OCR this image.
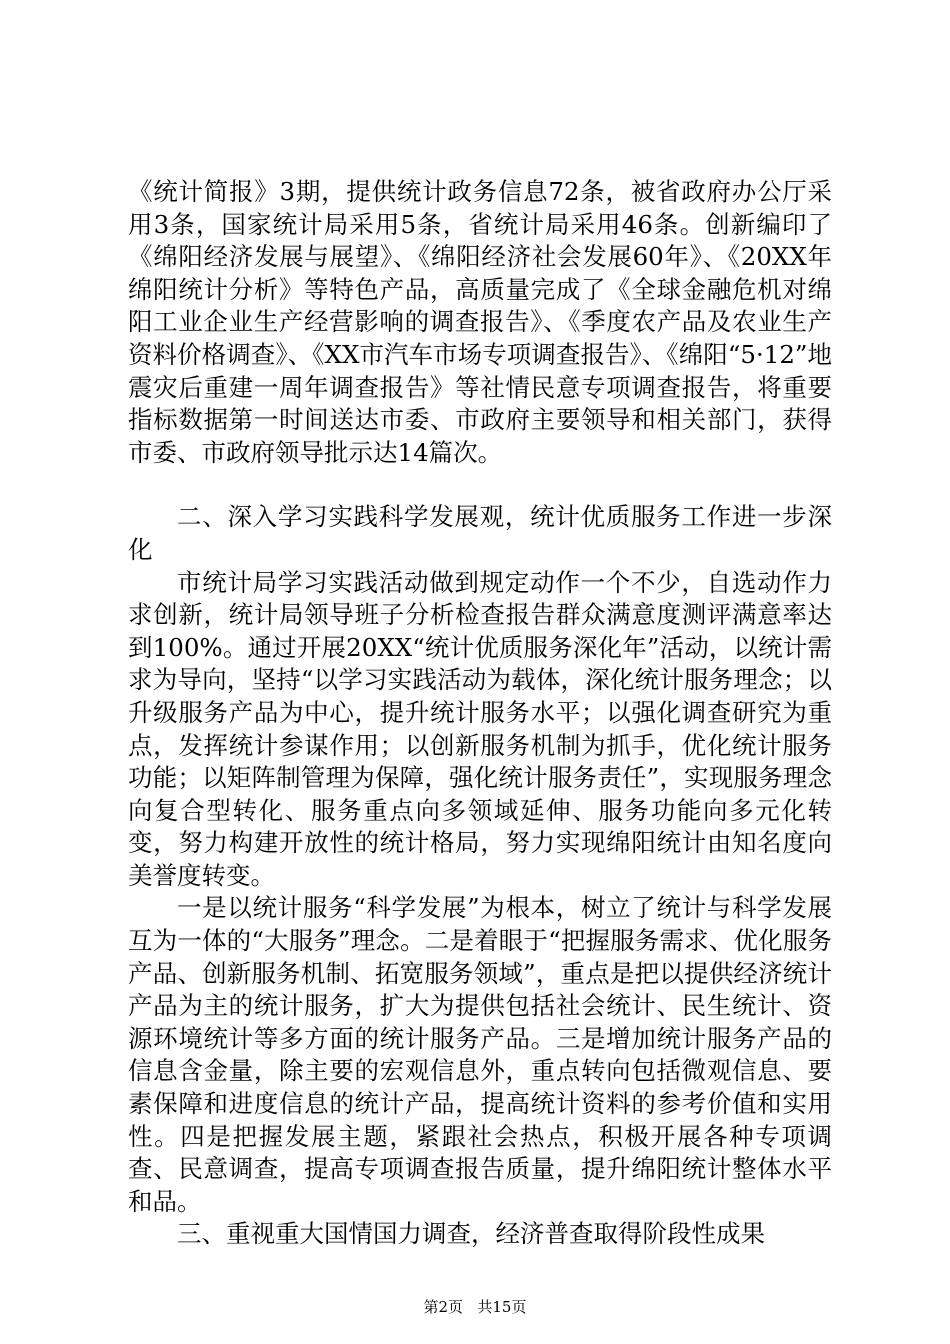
《统计简报》3期，提供统计政务信息72条，被省政府办公厅采用3条，国家统计局采用5条，省统计局采用46条。创新编印了《绵阳经济发展与展望》、《绵阳经济社会发展60年》、《20XX年绵阳统计分析》等特色产品，高质量完成了《全球金融危机对绵阳工业企业生产经营影响的调查报告》、《季度农产品及农业生产资料价格调查》、《XX市汽车市场专项调查报告》、《绵阳“5·12”地震灾后重建一周年调查报告》等社情民意专项调查报告，将重要指标数据第一时间送达市委、市政府主要领导和相关部门，获得市委、市政府领导批示达14篇次。

二、深入学习实践科学发展观，统计优质服务工作进一步深化

市统计局学习实践活动做到规定动作一个不少，自选动作力求创新，统计局领导班子分析检查报告群众满意度测评满意率达到100%。通过开展20XX“统计优质服务深化年”活动，以统计需求为导向，坚持“以学习实践活动为载体，深化统计服务理念；以升级服务产品为中心，提升统计服务水平；以强化调查研究为重点，发挥统计参谋作用；以创新服务机制为抓手，优化统计服务功能；以矩阵制管理为保障，强化统计服务责任”，实现服务理念向复合型转化、服务重点向多领域延伸、服务功能向多元化转变，努力构建开放性的统计格局，努力实现绵阳统计由知名度向美誉度转变。

一是以统计服务“科学发展”为根本，树立了统计与科学发展互为一体的“大服务”理念。二是着眼于“把握服务需求、优化服务产品、创新服务机制、拓宽服务领域”，重点是把以提供经济统计产品为主的统计服务，扩大为提供包括社会统计、民生统计、资源环境统计等多方面的统计服务产品。三是增加统计服务产品的信息含金量，除主要的宏观信息外，重点转向包括微观信息、要素保障和进度信息的统计产品，提高统计资料的参考价值和实用性。四是把握发展主题，紧跟社会热点，积极开展各种专项调查、民意调查，提高专项调查报告质量，提升绵阳统计整体水平和品。

三、重视重大国情国力调查，经济普查取得阶段性成果

第2页 共15页
